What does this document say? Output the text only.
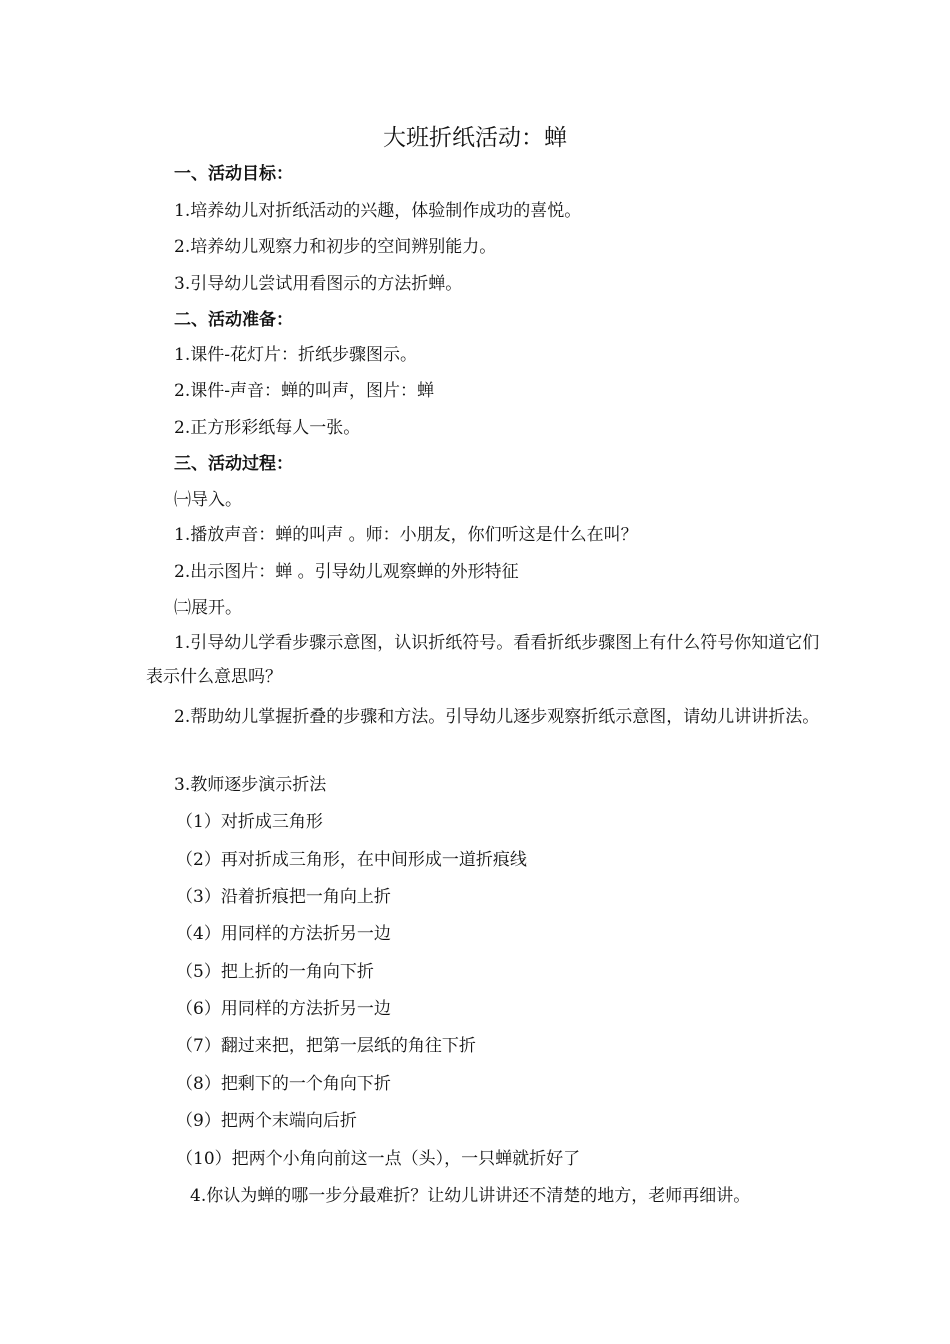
大班折纸活动：蝉
一、活动目标：
1.培养幼儿对折纸活动的兴趣，体验制作成功的喜悦。
2.培养幼儿观察力和初步的空间辨别能力。
3.引导幼儿尝试用看图示的方法折蝉。
二、活动准备：
1.课件-花灯片：折纸步骤图示。
2.课件-声音：蝉的叫声，图片：蝉
2.正方形彩纸每人一张。
三、活动过程：
㈠导入。
1.播放声音：蝉的叫声 。师：小朋友，你们听这是什么在叫？
2.出示图片：蝉 。引导幼儿观察蝉的外形特征
㈡展开。

1.引导幼儿学看步骤示意图，认识折纸符号。看看折纸步骤图上有什么符号你知道它们表示什么意思吗？

2.帮助幼儿掌握折叠的步骤和方法。引导幼儿逐步观察折纸示意图，请幼儿讲讲折法。

3.教师逐步演示折法
（1）对折成三角形
（2）再对折成三角形，在中间形成一道折痕线
（3）沿着折痕把一角向上折
（4）用同样的方法折另一边
（5）把上折的一角向下折
（6）用同样的方法折另一边
（7）翻过来把，把第一层纸的角往下折
（8）把剩下的一个角向下折
（9）把两个末端向后折
（10）把两个小角向前这一点（头），一只蝉就折好了
4.你认为蝉的哪一步分最难折？让幼儿讲讲还不清楚的地方，老师再细讲。
